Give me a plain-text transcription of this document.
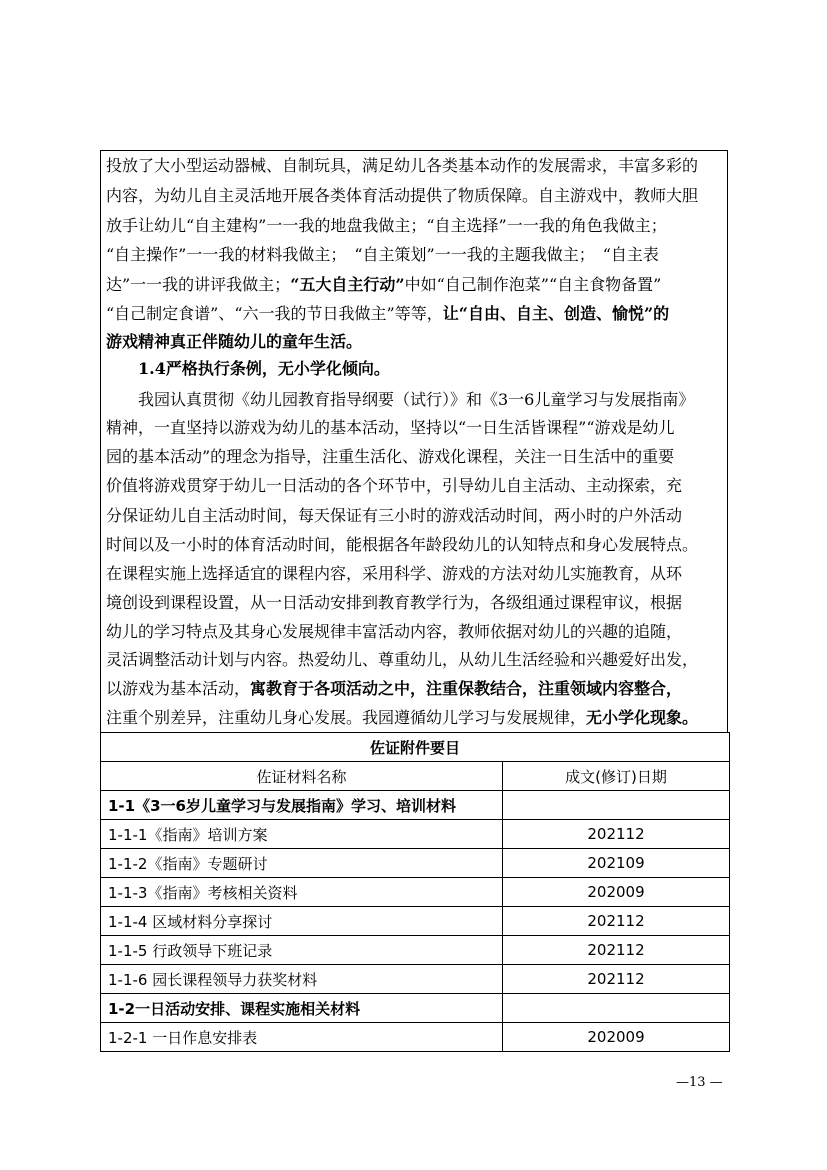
投放了大小型运动器械、自制玩具，满足幼儿各类基本动作的发展需求，丰富多彩的
内容，为幼儿自主灵活地开展各类体育活动提供了物质保障。自主游戏中，教师大胆
放手让幼儿“自主建构”一一我的地盘我做主；“自主选择”一一我的角色我做主；
“自主操作”一一我的材料我做主；　“自主策划”一一我的主题我做主；　“自主表
达”一一我的讲评我做主；“五大自主行动”中如“自己制作泡菜”“自主食物备置”
“自己制定食谱”、“六一我的节日我做主”等等，让“自由、自主、创造、愉悦”的
游戏精神真正伴随幼儿的童年生活。
　　1.4严格执行条例，无小学化倾向。
　　我园认真贯彻《幼儿园教育指导纲要（试行）》和《3一6儿童学习与发展指南》
精神，一直坚持以游戏为幼儿的基本活动，坚持以“一日生活皆课程”“游戏是幼儿
园的基本活动”的理念为指导，注重生活化、游戏化课程，关注一日生活中的重要
价值将游戏贯穿于幼儿一日活动的各个环节中，引导幼儿自主活动、主动探索，充
分保证幼儿自主活动时间，每天保证有三小时的游戏活动时间，两小时的户外活动
时间以及一小时的体育活动时间，能根据各年龄段幼儿的认知特点和身心发展特点。
在课程实施上选择适宜的课程内容，采用科学、游戏的方法对幼儿实施教育，从环
境创设到课程设置，从一日活动安排到教育教学行为，各级组通过课程审议，根据
幼儿的学习特点及其身心发展规律丰富活动内容，教师依据对幼儿的兴趣的追随，
灵活调整活动计划与内容。热爱幼儿、尊重幼儿，从幼儿生活经验和兴趣爱好出发，
以游戏为基本活动，寓教育于各项活动之中，注重保教结合，注重领域内容整合，
注重个别差异，注重幼儿身心发展。我园遵循幼儿学习与发展规律，无小学化现象。
佐证附件要目	
佐证材料名称	成文(修订)日期
1-1《3一6岁儿童学习与发展指南》学习、培训材料	
1-1-1《指南》培训方案	202112
1-1-2《指南》专题研讨	202109
1-1-3《指南》考核相关资料	202009
1-1-4 区域材料分享探讨	202112
1-1-5 行政领导下班记录	202112
1-1-6 园长课程领导力获奖材料	202112
1-2一日活动安排、课程实施相关材料	
1-2-1 一日作息安排表	202009
—13 —
